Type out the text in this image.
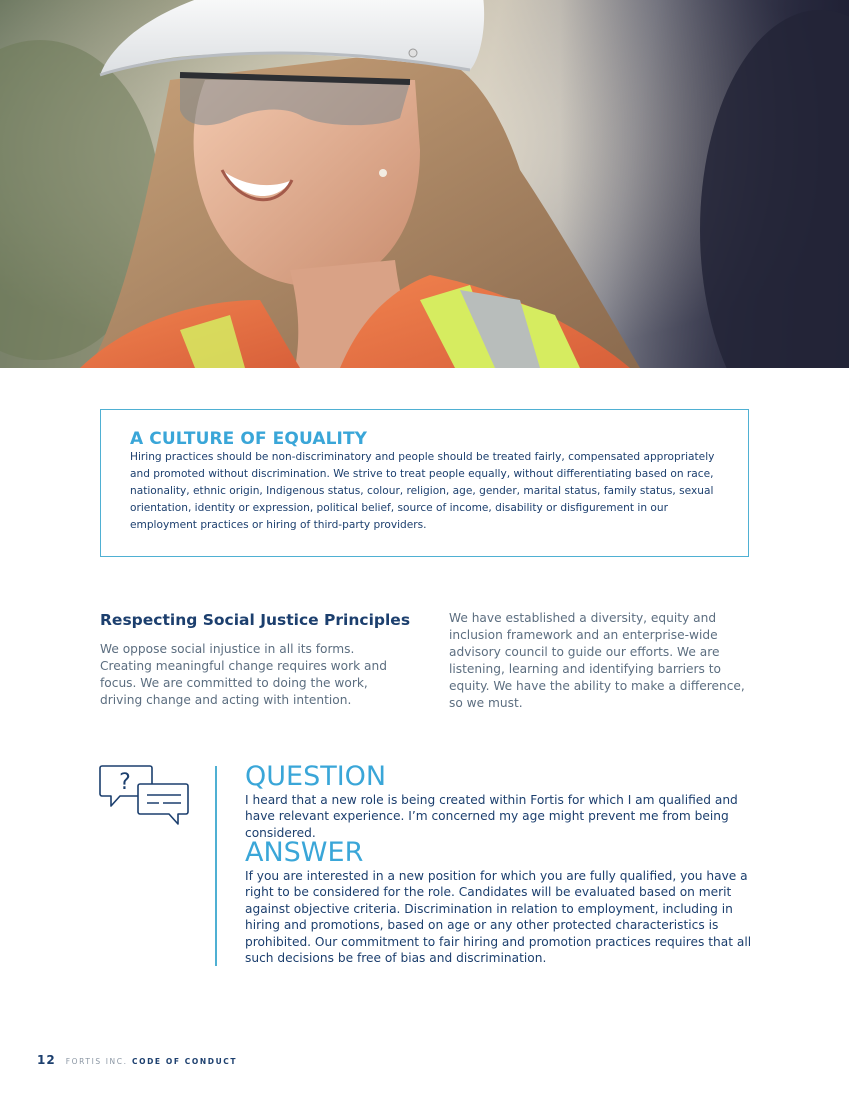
A CULTURE OF EQUALITY

Hiring practices should be non-discriminatory and people should be treated fairly, compensated appropriately and promoted without discrimination. We strive to treat people equally, without differentiating based on race, nationality, ethnic origin, Indigenous status, colour, religion, age, gender, marital status, family status, sexual orientation, identity or expression, political belief, source of income, disability or disfigurement in our employment practices or hiring of third-party providers.

Respecting Social Justice Principles

We oppose social injustice in all its forms. Creating meaningful change requires work and focus. We are committed to doing the work, driving change and acting with intention.

We have established a diversity, equity and inclusion framework and an enterprise-wide advisory council to guide our efforts. We are listening, learning and identifying barriers to equity. We have the ability to make a difference, so we must.

?	QUESTION

I heard that a new role is being created within Fortis for which I am qualified and have relevant experience. I’m concerned my age might prevent me from being considered.

ANSWER

If you are interested in a new position for which you are fully qualified, you have a right to be considered for the role. Candidates will be evaluated based on merit against objective criteria. Discrimination in relation to employment, including in hiring and promotions, based on age or any other protected characteristics is prohibited. Our commitment to fair hiring and promotion practices requires that all such decisions be free of bias and discrimination.

12 FORTIS INC. CODE OF CONDUCT
